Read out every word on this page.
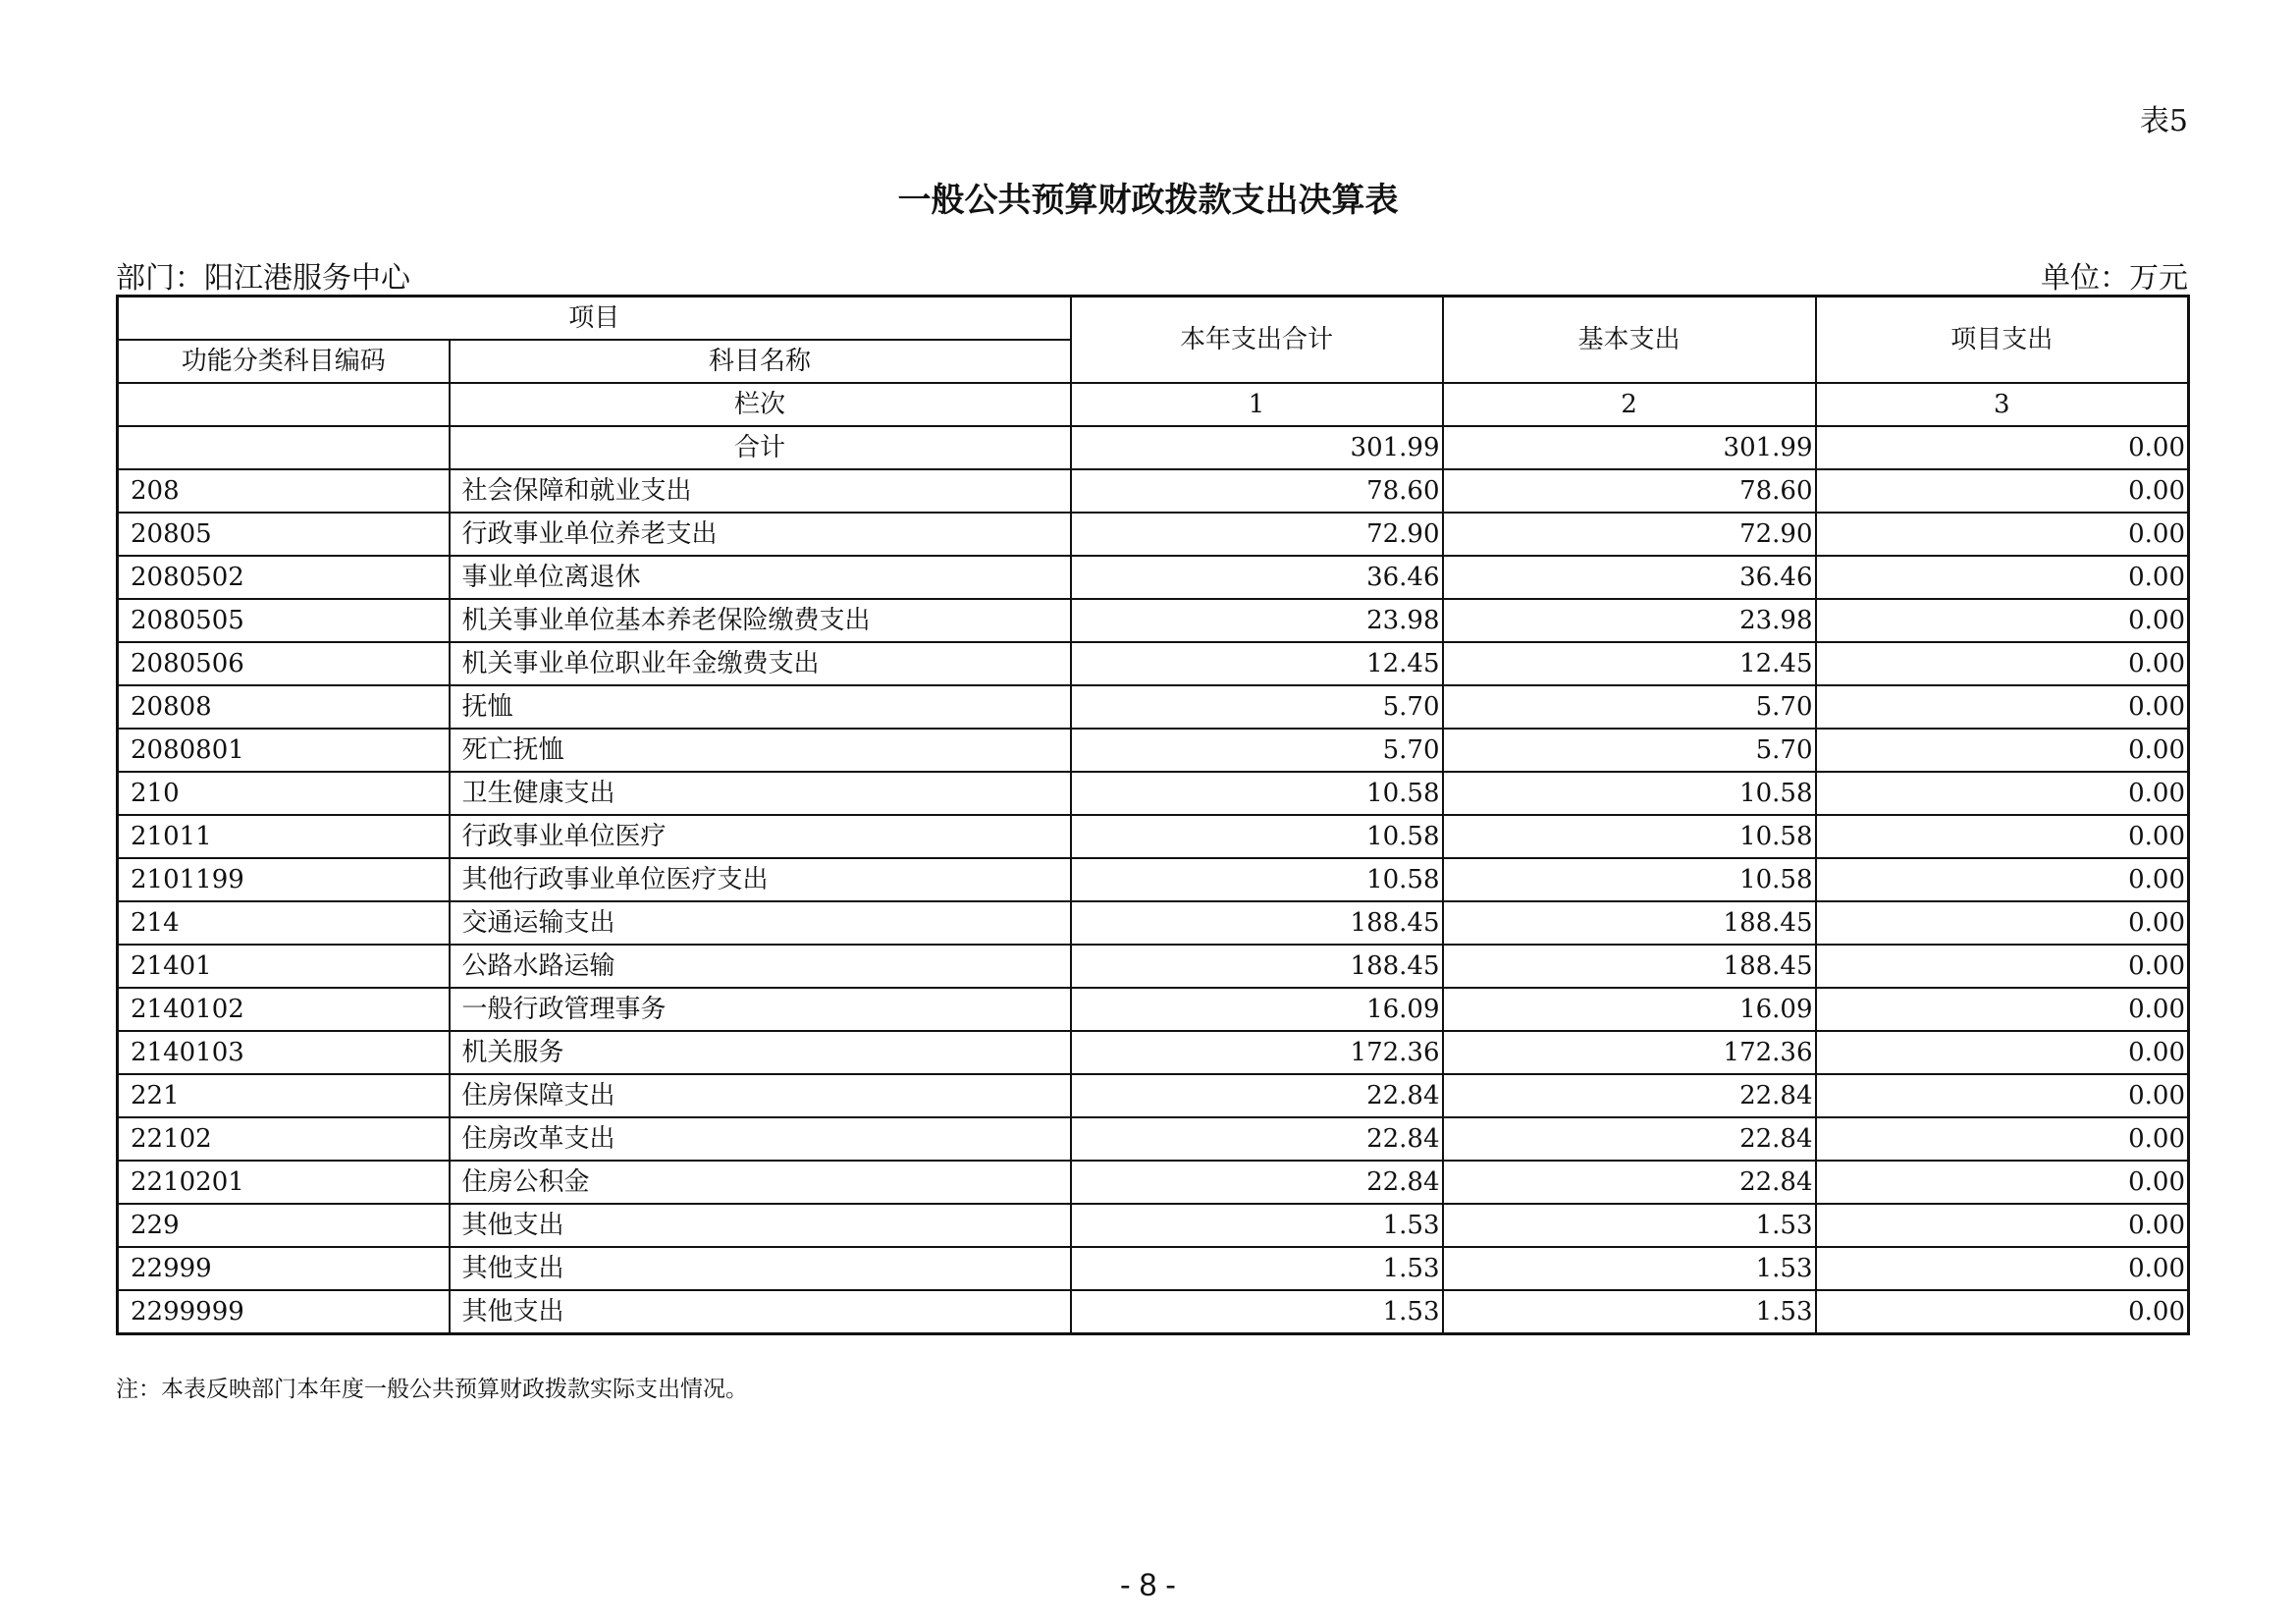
表5
一般公共预算财政拨款支出决算表
部门：阳江港服务中心	单位：万元
项目		本年支出合计	基本支出	项目支出
功能分类科目编码	科目名称			
	栏次	1	2	3
	合计	301.99	301.99	0.00
208	社会保障和就业支出	78.60	78.60	0.00
20805	行政事业单位养老支出	72.90	72.90	0.00
2080502	事业单位离退休	36.46	36.46	0.00
2080505	机关事业单位基本养老保险缴费支出	23.98	23.98	0.00
2080506	机关事业单位职业年金缴费支出	12.45	12.45	0.00
20808	抚恤	5.70	5.70	0.00
2080801	死亡抚恤	5.70	5.70	0.00
210	卫生健康支出	10.58	10.58	0.00
21011	行政事业单位医疗	10.58	10.58	0.00
2101199	其他行政事业单位医疗支出	10.58	10.58	0.00
214	交通运输支出	188.45	188.45	0.00
21401	公路水路运输	188.45	188.45	0.00
2140102	一般行政管理事务	16.09	16.09	0.00
2140103	机关服务	172.36	172.36	0.00
221	住房保障支出	22.84	22.84	0.00
22102	住房改革支出	22.84	22.84	0.00
2210201	住房公积金	22.84	22.84	0.00
229	其他支出	1.53	1.53	0.00
22999	其他支出	1.53	1.53	0.00
2299999	其他支出	1.53	1.53	0.00
注：本表反映部门本年度一般公共预算财政拨款实际支出情况。
- 8 -
